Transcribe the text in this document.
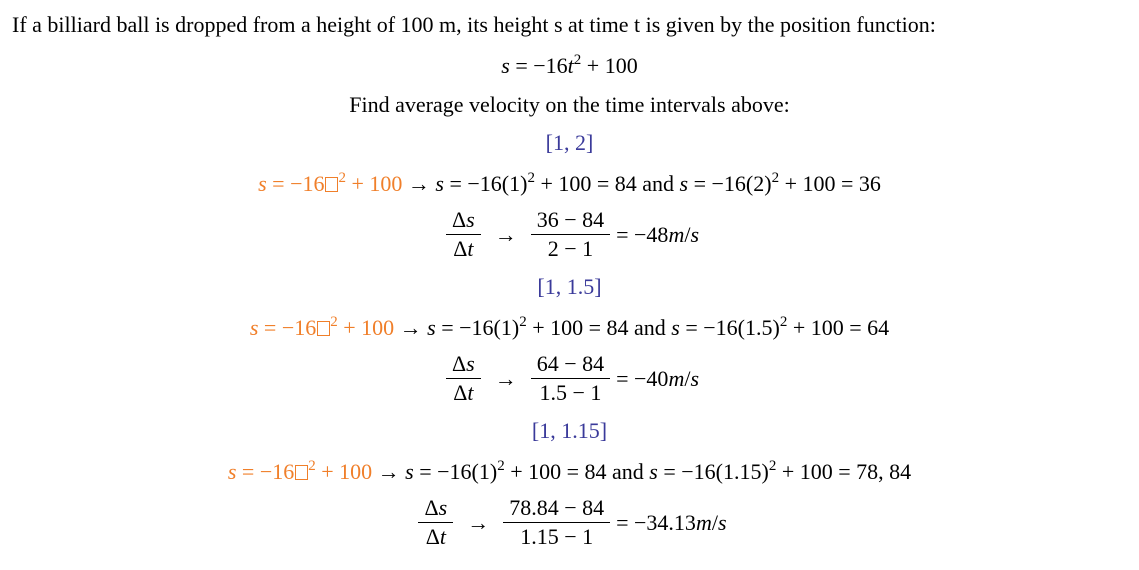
If a billiard ball is dropped from a height of 100 m, its height s at time t is given by the position function:
$s = -16t^2 + 100$
Find average velocity on the time intervals above:
[1, 2]
s = −16 $^2 + 100 \to s = -16(1)^2 + 100 = 84$ and $s = -16(2)^2 + 100 = 36$
$\frac{\Delta s}{\Delta t} \to \frac{36 - 84}{2 - 1} = -48m/s$
[1, 1.5]
s = −16 $^2 + 100 \to s = -16(1)^2 + 100 = 84$ and $s = -16(1.5)^2 + 100 = 64$
$\frac{\Delta s}{\Delta t} \to \frac{64 - 84}{1.5 - 1} = -40m/s$
[1, 1.15]
s = −16 $^2 + 100 \to s = -16(1)^2 + 100 = 84$ and $s = -16(1.15)^2 + 100 = 78$, 84
$\frac{\Delta s}{\Delta t} \to \frac{78.84 - 84}{1.15 - 1} = -34.13m/s$
